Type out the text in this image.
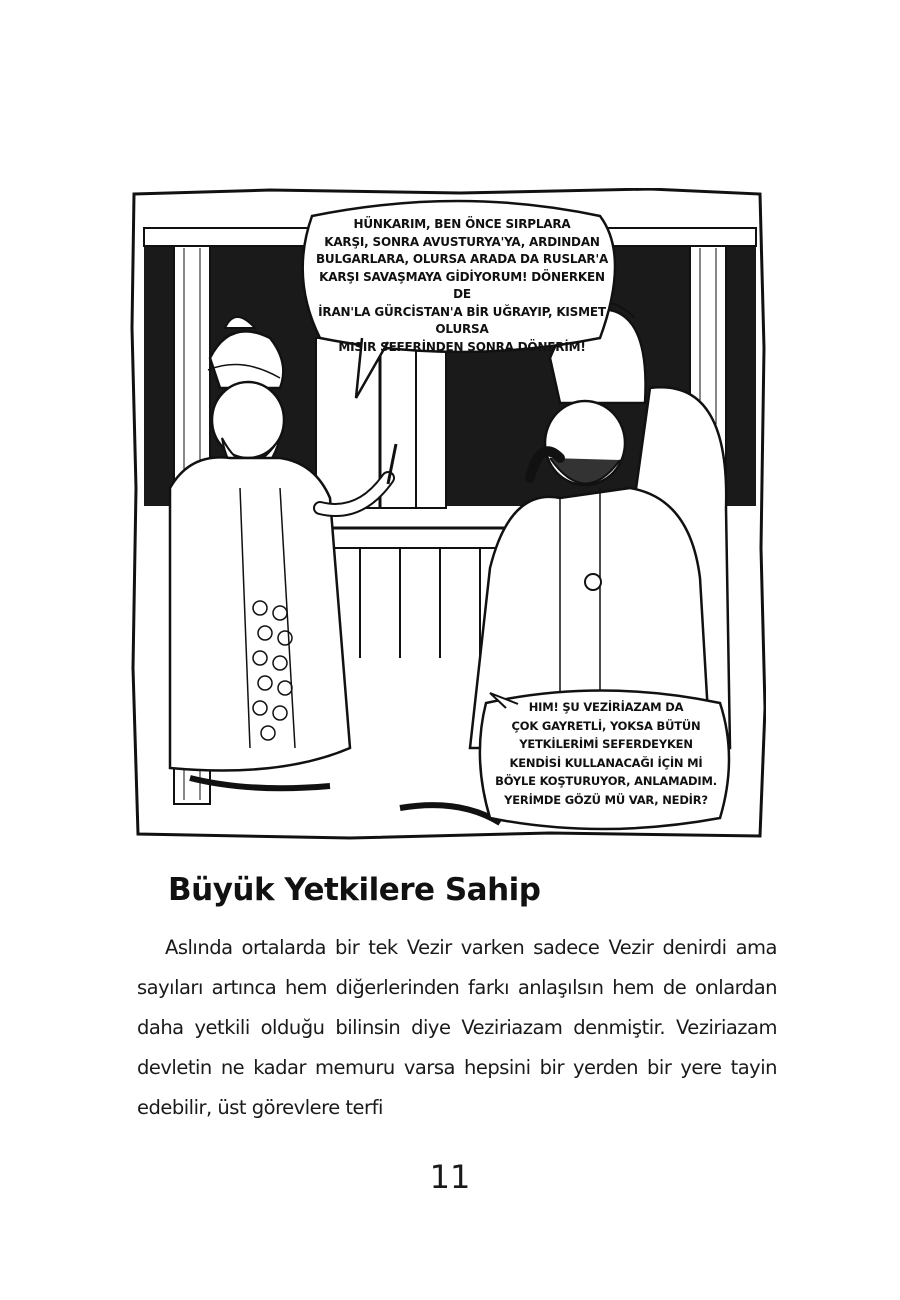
HÜNKARIM, BEN ÖNCE SIRPLARA
KARŞI, SONRA AVUSTURYA'YA, ARDINDAN
BULGARLARA, OLURSA ARADA DA RUSLAR'A
KARŞI SAVAŞMAYA GİDİYORUM! DÖNERKEN DE
İRAN'LA GÜRCİSTAN'A BİR UĞRAYIP, KISMET OLURSA
MISIR SEFERİNDEN SONRA DÖNERİM!
HIM! ŞU VEZİRİAZAM DA
ÇOK GAYRETLİ, YOKSA BÜTÜN
YETKİLERİMİ SEFERDEYKEN
KENDİSİ KULLANACAĞI İÇİN Mİ
BÖYLE KOŞTURUYOR, ANLAMADIM.
YERİMDE GÖZÜ MÜ VAR, NEDİR?
Büyük Yetkilere Sahip

Aslında ortalarda bir tek Vezir varken sadece Vezir denirdi ama sayıları artınca hem diğerlerinden farkı anlaşılsın hem de onlardan daha yetkili olduğu bilinsin diye Veziriazam denmiştir. Veziriazam devletin ne kadar memuru varsa hepsini bir yerden bir yere tayin edebilir, üst görevlere terfi

11
